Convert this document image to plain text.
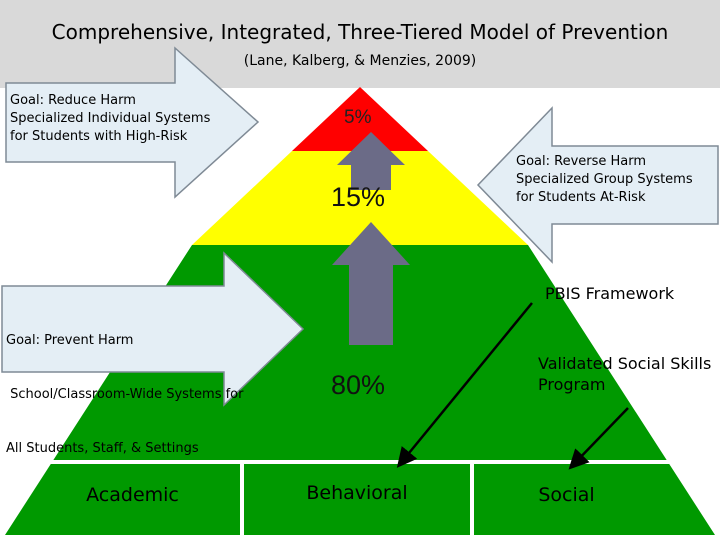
Comprehensive, Integrated, Three-Tiered Model of Prevention
(Lane, Kalberg, & Menzies, 2009)
5%
15%
80%
Goal: Reduce Harm
Specialized Individual Systems
for Students with High-Risk
Goal: Reverse Harm
Specialized Group Systems
for Students At-Risk

Goal: Prevent Harm

School/Classroom-Wide Systems for

All Students, Staff, & Settings

PBIS Framework
Validated Social Skills
Program
Academic	Behavioral	Social
